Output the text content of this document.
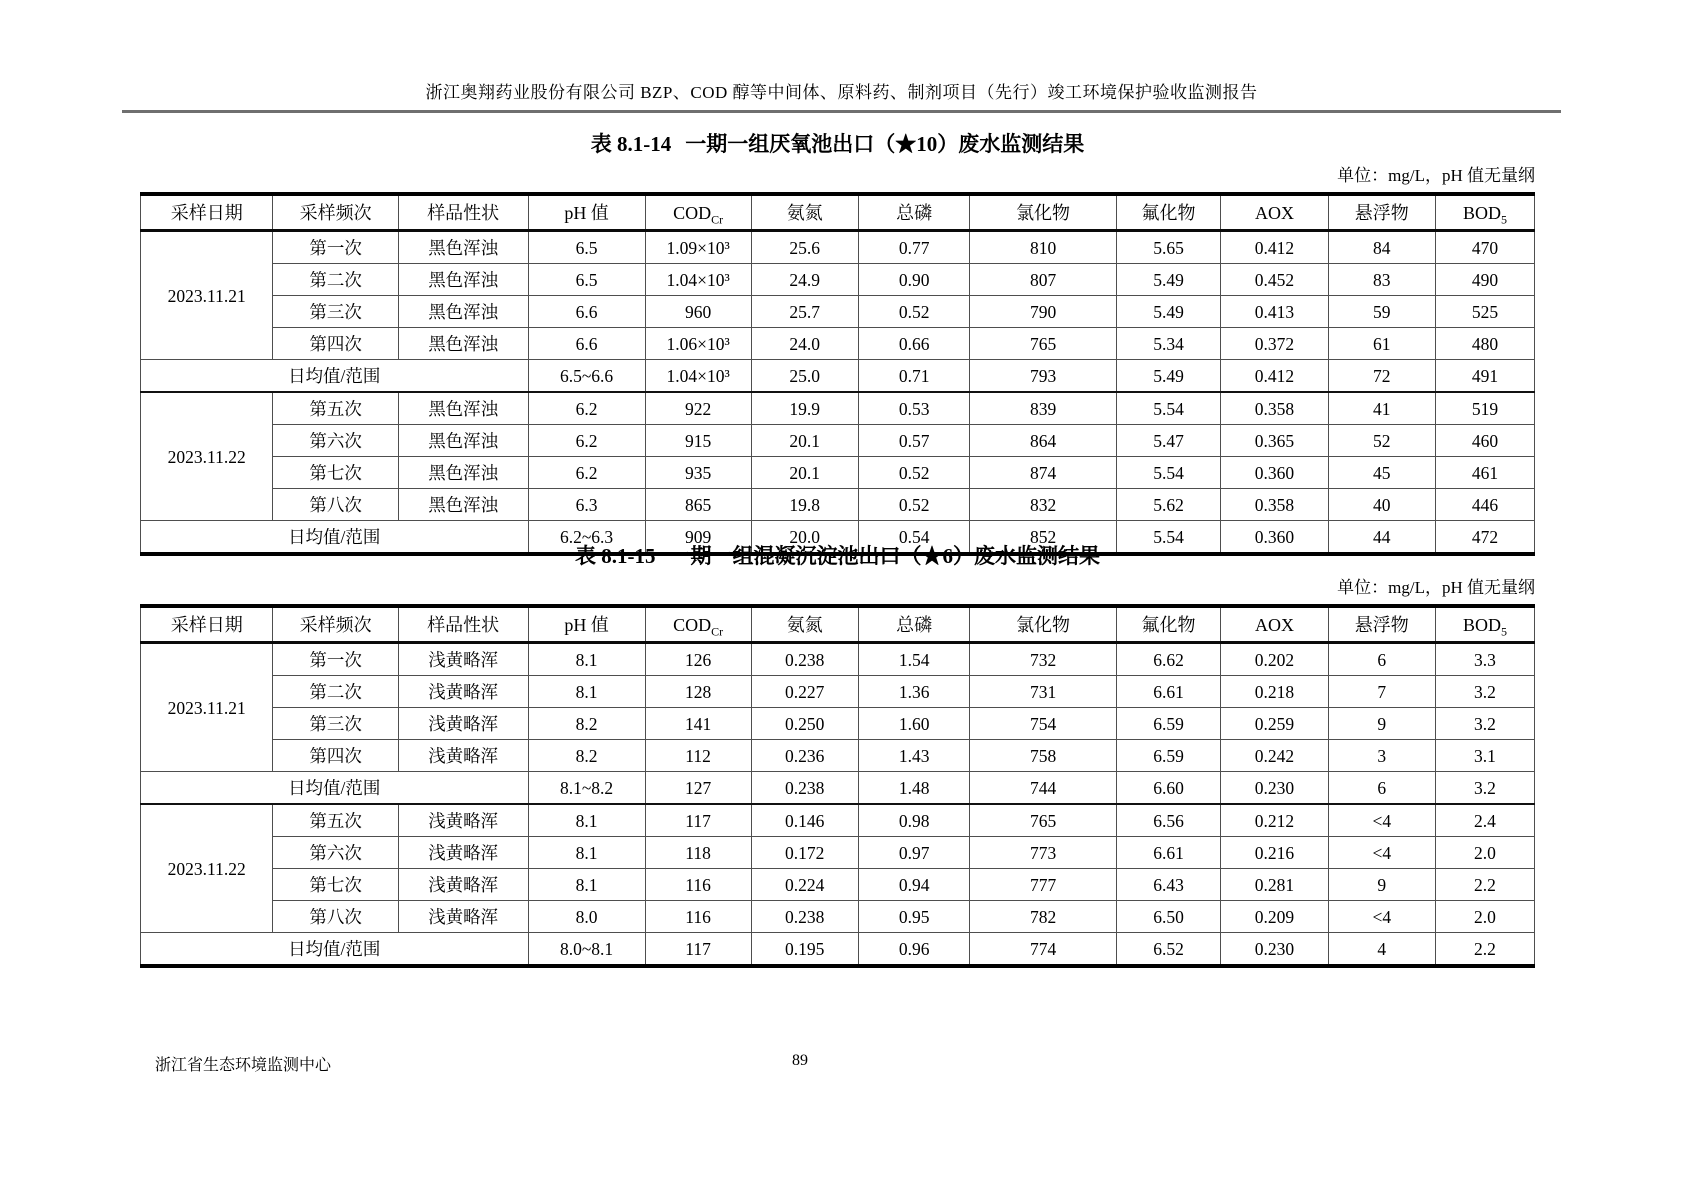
浙江奥翔药业股份有限公司 BZP、COD 醇等中间体、原料药、制剂项目（先行）竣工环境保护验收监测报告
表 8.1-14 一期一组厌氧池出口（★10）废水监测结果
单位：mg/L，pH 值无量纲
采样日期	采样频次	样品性状	pH 值	$COD_{Cr}$	氨氮	总磷	氯化物	氟化物	AOX	悬浮物	$BOD_5$
2023.11.21	第一次	黑色浑浊	6.5	1.09×10³	25.6	0.77	810	5.65	0.412	84	470
	第二次	黑色浑浊	6.5	1.04×10³	24.9	0.90	807	5.49	0.452	83	490
	第三次	黑色浑浊	6.6	960	25.7	0.52	790	5.49	0.413	59	525
	第四次	黑色浑浊	6.6	1.06×10³	24.0	0.66	765	5.34	0.372	61	480
日均值/范围			6.5~6.6	1.04×10³	25.0	0.71	793	5.49	0.412	72	491
2023.11.22	第五次	黑色浑浊	6.2	922	19.9	0.53	839	5.54	0.358	41	519
	第六次	黑色浑浊	6.2	915	20.1	0.57	864	5.47	0.365	52	460
	第七次	黑色浑浊	6.2	935	20.1	0.52	874	5.54	0.360	45	461
	第八次	黑色浑浊	6.3	865	19.8	0.52	832	5.62	0.358	40	446
日均值/范围			6.2~6.3	909	20.0	0.54	852	5.54	0.360	44	472
表 8.1-15 一期一组混凝沉淀池出口（★6）废水监测结果
单位：mg/L，pH 值无量纲
采样日期	采样频次	样品性状	pH 值	$COD_{Cr}$	氨氮	总磷	氯化物	氟化物	AOX	悬浮物	$BOD_5$
2023.11.21	第一次	浅黄略浑	8.1	126	0.238	1.54	732	6.62	0.202	6	3.3
	第二次	浅黄略浑	8.1	128	0.227	1.36	731	6.61	0.218	7	3.2
	第三次	浅黄略浑	8.2	141	0.250	1.60	754	6.59	0.259	9	3.2
	第四次	浅黄略浑	8.2	112	0.236	1.43	758	6.59	0.242	3	3.1
日均值/范围			8.1~8.2	127	0.238	1.48	744	6.60	0.230	6	3.2
2023.11.22	第五次	浅黄略浑	8.1	117	0.146	0.98	765	6.56	0.212	<4	2.4
	第六次	浅黄略浑	8.1	118	0.172	0.97	773	6.61	0.216	<4	2.0
	第七次	浅黄略浑	8.1	116	0.224	0.94	777	6.43	0.281	9	2.2
	第八次	浅黄略浑	8.0	116	0.238	0.95	782	6.50	0.209	<4	2.0
日均值/范围			8.0~8.1	117	0.195	0.96	774	6.52	0.230	4	2.2
浙江省生态环境监测中心	89
